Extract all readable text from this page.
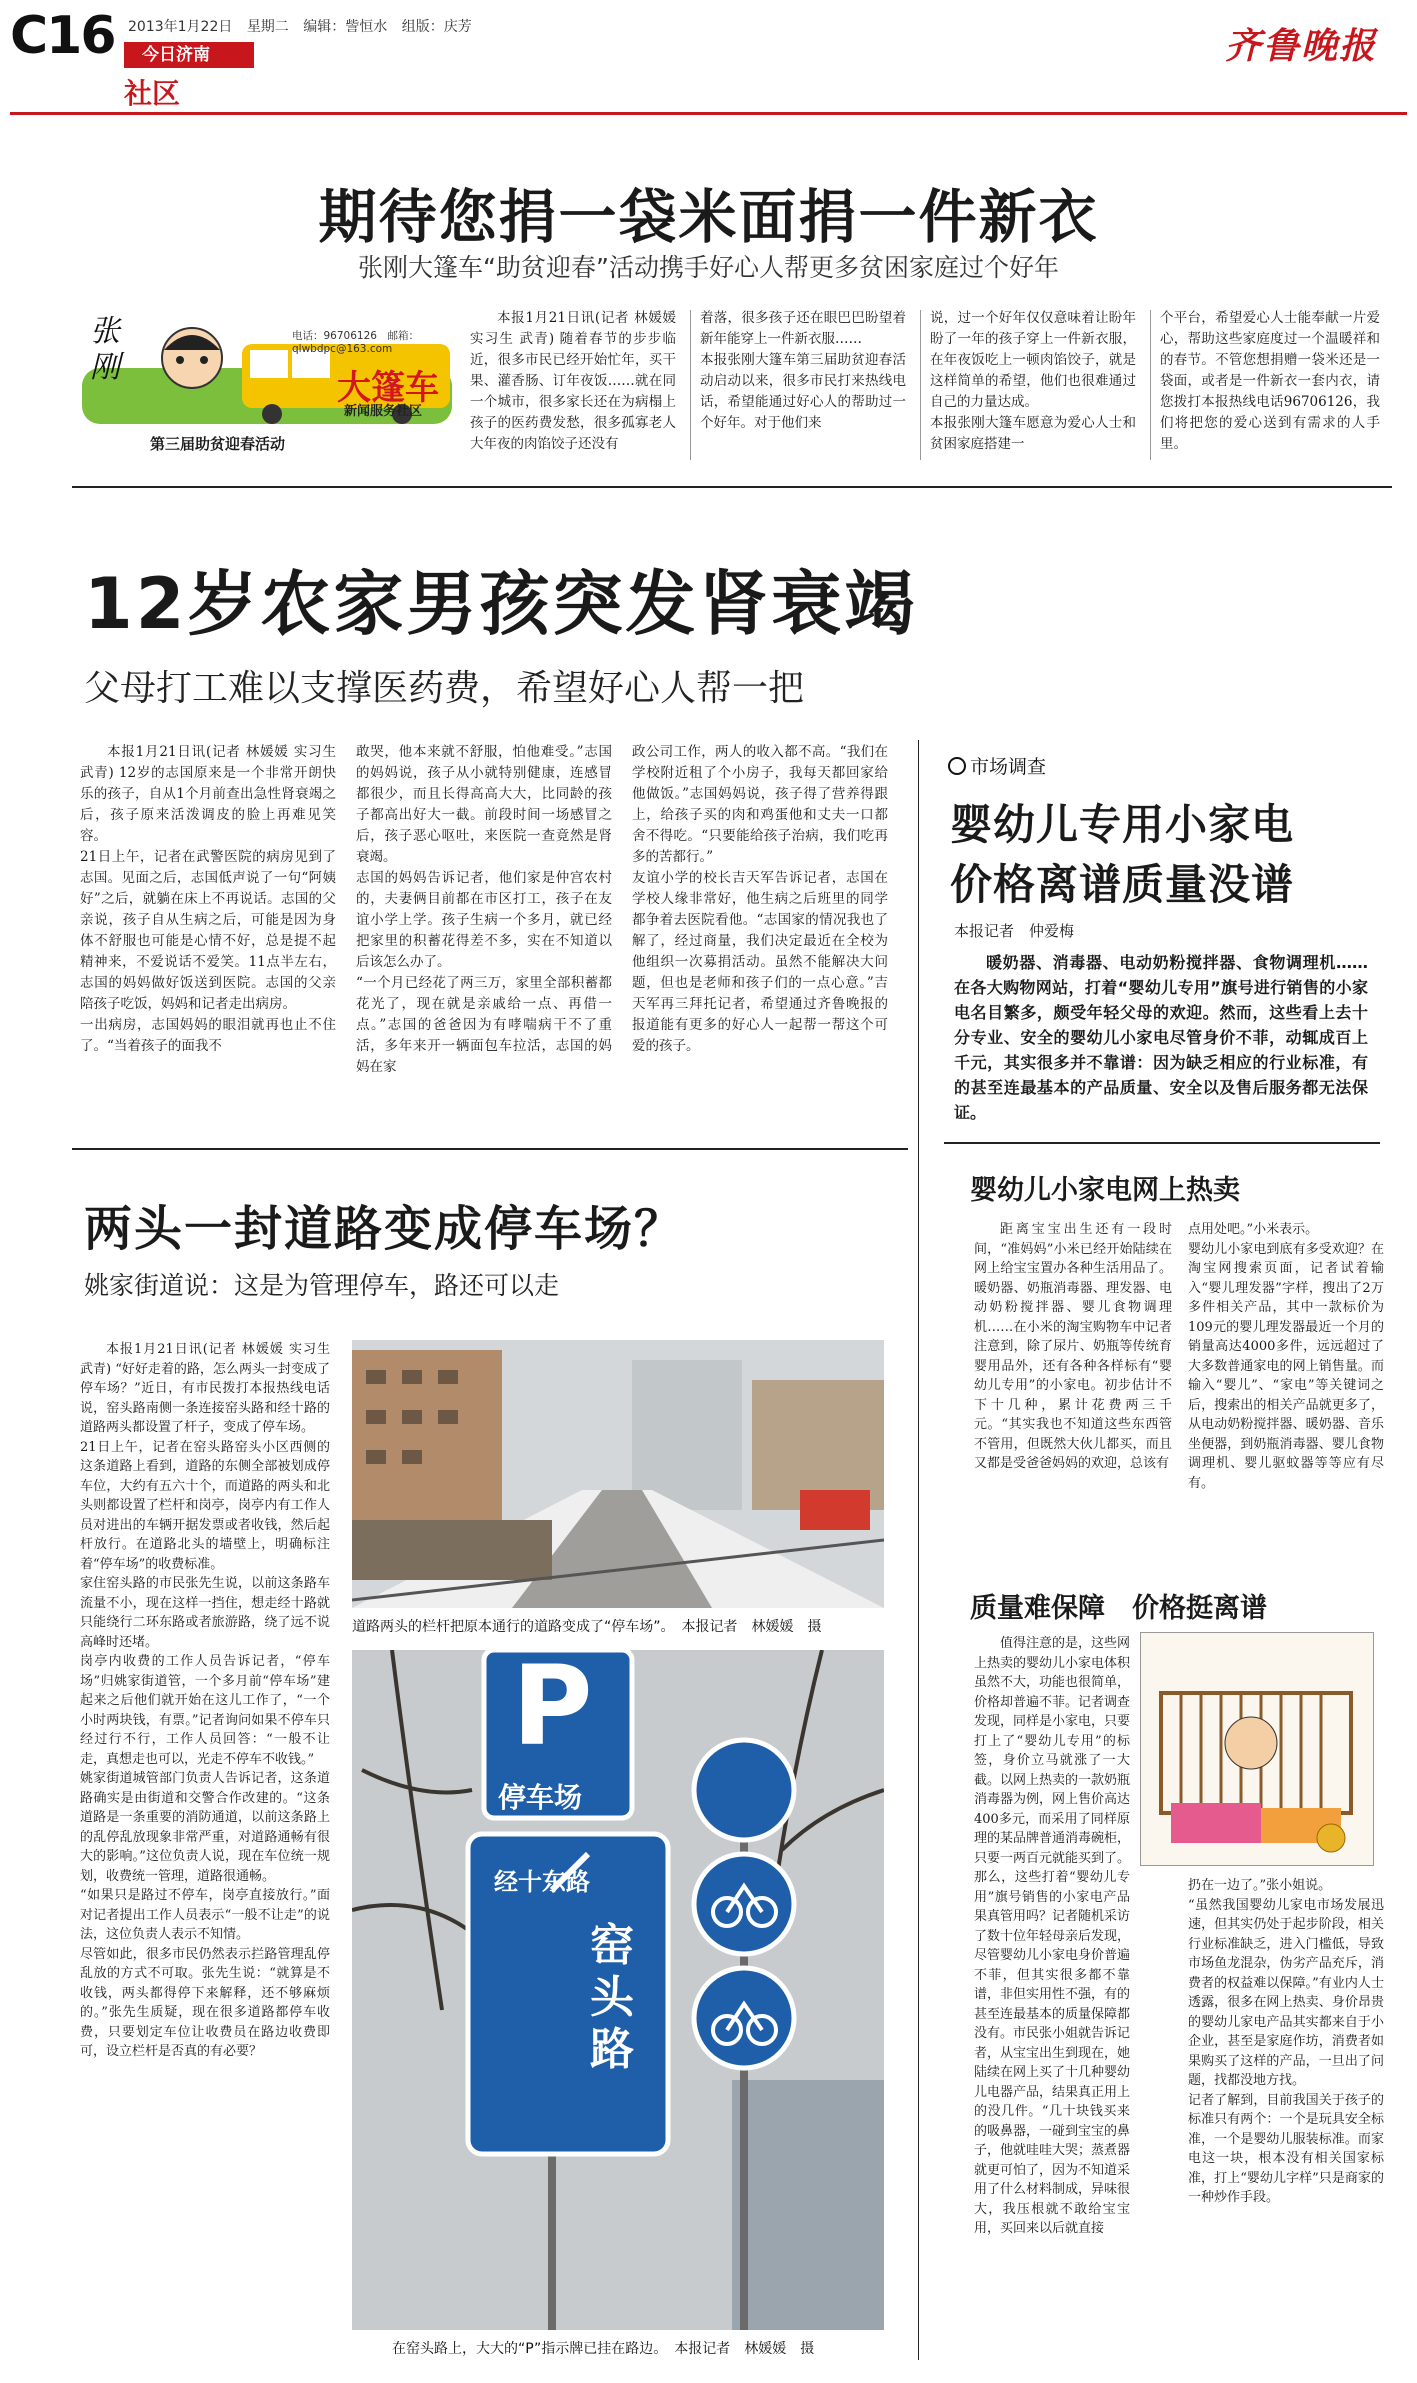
C16 2013年1月22日 星期二 编辑：訾恒水 组版：庆芳
今日济南
社区
齐鲁晚报
期待您捐一袋米面捐一件新衣
张刚大篷车“助贫迎春”活动携手好心人帮更多贫困家庭过个好年
张刚
大篷车
新闻服务社区
电话：96706126　邮箱：qlwbdpc@163.com
第三届助贫迎春活动
本报1月21日讯(记者 林媛媛 实习生 武青) 随着春节的步步临近，很多市民已经开始忙年，买干果、灌香肠、订年夜饭……就在同一个城市，很多家长还在为病榻上孩子的医药费发愁，很多孤寡老人大年夜的肉馅饺子还没有
着落，很多孩子还在眼巴巴盼望着新年能穿上一件新衣服……
本报张刚大篷车第三届助贫迎春活动启动以来，很多市民打来热线电话，希望能通过好心人的帮助过一个好年。对于他们来
说，过一个好年仅仅意味着让盼年盼了一年的孩子穿上一件新衣服，在年夜饭吃上一顿肉馅饺子，就是这样简单的希望，他们也很难通过自己的力量达成。
本报张刚大篷车愿意为爱心人士和贫困家庭搭建一
个平台，希望爱心人士能奉献一片爱心，帮助这些家庭度过一个温暖祥和的春节。不管您想捐赠一袋米还是一袋面，或者是一件新衣一套内衣，请您拨打本报热线电话96706126，我们将把您的爱心送到有需求的人手里。
12岁农家男孩突发肾衰竭
父母打工难以支撑医药费，希望好心人帮一把
本报1月21日讯(记者 林媛媛 实习生 武青) 12岁的志国原来是一个非常开朗快乐的孩子，自从1个月前查出急性肾衰竭之后，孩子原来活泼调皮的脸上再难见笑容。
21日上午，记者在武警医院的病房见到了志国。见面之后，志国低声说了一句“阿姨好”之后，就躺在床上不再说话。志国的父亲说，孩子自从生病之后，可能是因为身体不舒服也可能是心情不好，总是提不起精神来，不爱说话不爱笑。11点半左右，志国的妈妈做好饭送到医院。志国的父亲陪孩子吃饭，妈妈和记者走出病房。
一出病房，志国妈妈的眼泪就再也止不住了。“当着孩子的面我不
敢哭，他本来就不舒服，怕他难受。”志国的妈妈说，孩子从小就特别健康，连感冒都很少，而且长得高高大大，比同龄的孩子都高出好大一截。前段时间一场感冒之后，孩子恶心呕吐，来医院一查竟然是肾衰竭。
志国的妈妈告诉记者，他们家是仲宫农村的，夫妻俩目前都在市区打工，孩子在友谊小学上学。孩子生病一个多月，就已经把家里的积蓄花得差不多，实在不知道以后该怎么办了。
“一个月已经花了两三万，家里全部积蓄都花光了，现在就是亲戚给一点、再借一点。”志国的爸爸因为有哮喘病干不了重活，多年来开一辆面包车拉活，志国的妈妈在家
政公司工作，两人的收入都不高。“我们在学校附近租了个小房子，我每天都回家给他做饭。”志国妈妈说，孩子得了营养得跟上，给孩子买的肉和鸡蛋他和丈夫一口都舍不得吃。“只要能给孩子治病，我们吃再多的苦都行。”
友谊小学的校长吉天军告诉记者，志国在学校人缘非常好，他生病之后班里的同学都争着去医院看他。“志国家的情况我也了解了，经过商量，我们决定最近在全校为他组织一次募捐活动。虽然不能解决大问题，但也是老师和孩子们的一点心意。”吉天军再三拜托记者，希望通过齐鲁晚报的报道能有更多的好心人一起帮一帮这个可爱的孩子。
市场调查
婴幼儿专用小家电
价格离谱质量没谱
本报记者　仲爱梅
暖奶器、消毒器、电动奶粉搅拌器、食物调理机……在各大购物网站，打着“婴幼儿专用”旗号进行销售的小家电名目繁多，颇受年轻父母的欢迎。然而，这些看上去十分专业、安全的婴幼儿小家电尽管身价不菲，动辄成百上千元，其实很多并不靠谱：因为缺乏相应的行业标准，有的甚至连最基本的产品质量、安全以及售后服务都无法保证。
婴幼儿小家电网上热卖
距离宝宝出生还有一段时间，“准妈妈”小米已经开始陆续在网上给宝宝置办各种生活用品了。暖奶器、奶瓶消毒器、理发器、电动奶粉搅拌器、婴儿食物调理机……在小米的淘宝购物车中记者注意到，除了尿片、奶瓶等传统育婴用品外，还有各种各样标有“婴幼儿专用”的小家电。初步估计不下十几种，累计花费两三千元。“其实我也不知道这些东西管不管用，但既然大伙儿都买，而且又都是受爸爸妈妈的欢迎，总该有
点用处吧。”小米表示。
婴幼儿小家电到底有多受欢迎？在淘宝网搜索页面，记者试着输入“婴儿理发器”字样，搜出了2万多件相关产品，其中一款标价为109元的婴儿理发器最近一个月的销量高达4000多件，远远超过了大多数普通家电的网上销售量。而输入“婴儿”、“家电”等关键词之后，搜索出的相关产品就更多了，从电动奶粉搅拌器、暖奶器、音乐坐便器，到奶瓶消毒器、婴儿食物调理机、婴儿驱蚊器等等应有尽有。
质量难保障　价格挺离谱
值得注意的是，这些网上热卖的婴幼儿小家电体积虽然不大，功能也很简单，价格却普遍不菲。记者调查发现，同样是小家电，只要打上了“婴幼儿专用”的标签，身价立马就涨了一大截。以网上热卖的一款奶瓶消毒器为例，网上售价高达400多元，而采用了同样原理的某品牌普通消毒碗柜，只要一两百元就能买到了。
那么，这些打着“婴幼儿专用”旗号销售的小家电产品果真管用吗？记者随机采访了数十位年轻母亲后发现，尽管婴幼儿小家电身价普遍不菲，但其实很多都不靠谱，非但实用性不强，有的甚至连最基本的质量保障都没有。市民张小姐就告诉记者，从宝宝出生到现在，她陆续在网上买了十几种婴幼儿电器产品，结果真正用上的没几件。“几十块钱买来的吸鼻器，一碰到宝宝的鼻子，他就哇哇大哭；蒸煮器就更可怕了，因为不知道采用了什么材料制成，异味很大，我压根就不敢给宝宝用，买回来以后就直接
扔在一边了。”张小姐说。
“虽然我国婴幼儿家电市场发展迅速，但其实仍处于起步阶段，相关行业标准缺乏，进入门槛低，导致市场鱼龙混杂，伪劣产品充斥，消费者的权益难以保障。”有业内人士透露，很多在网上热卖、身价昂贵的婴幼儿家电产品其实都来自于小企业，甚至是家庭作坊，消费者如果购买了这样的产品，一旦出了问题，找都没地方找。
记者了解到，目前我国关于孩子的标准只有两个：一个是玩具安全标准，一个是婴幼儿服装标准。而家电这一块，根本没有相关国家标准，打上“婴幼儿字样”只是商家的一种炒作手段。
两头一封道路变成停车场？
姚家街道说：这是为管理停车，路还可以走
本报1月21日讯(记者 林媛媛 实习生 武青) “好好走着的路，怎么两头一封变成了停车场？”近日，有市民拨打本报热线电话说，窑头路南侧一条连接窑头路和经十路的道路两头都设置了杆子，变成了停车场。
21日上午，记者在窑头路窑头小区西侧的这条道路上看到，道路的东侧全部被划成停车位，大约有五六十个，而道路的两头和北头则都设置了栏杆和岗亭，岗亭内有工作人员对进出的车辆开据发票或者收钱，然后起杆放行。在道路北头的墙壁上，明确标注着“停车场”的收费标准。
家住窑头路的市民张先生说，以前这条路车流量不小，现在这样一挡住，想走经十路就只能绕行二环东路或者旅游路，绕了远不说高峰时还堵。
岗亭内收费的工作人员告诉记者，“停车场”归姚家街道管，一个多月前“停车场”建起来之后他们就开始在这儿工作了，“一个小时两块钱，有票。”记者询问如果不停车只经过行不行，工作人员回答：“一般不让走，真想走也可以，光走不停车不收钱。”
姚家街道城管部门负责人告诉记者，这条道路确实是由街道和交警合作改建的。“这条道路是一条重要的消防通道，以前这条路上的乱停乱放现象非常严重，对道路通畅有很大的影响。”这位负责人说，现在车位统一规划，收费统一管理，道路很通畅。
“如果只是路过不停车，岗亭直接放行。”面对记者提出工作人员表示“一般不让走”的说法，这位负责人表示不知情。
尽管如此，很多市民仍然表示拦路管理乱停乱放的方式不可取。张先生说：“就算是不收钱，两头都得停下来解释，还不够麻烦的。”张先生质疑，现在很多道路都停车收费，只要划定车位让收费员在路边收费即可，设立栏杆是否真的有必要？
道路两头的栏杆把原本通行的道路变成了“停车场”。　本报记者　林媛媛　摄
P
停车场
经十东路
窑头路
在窑头路上，大大的“P”指示牌已挂在路边。　本报记者　林媛媛　摄
